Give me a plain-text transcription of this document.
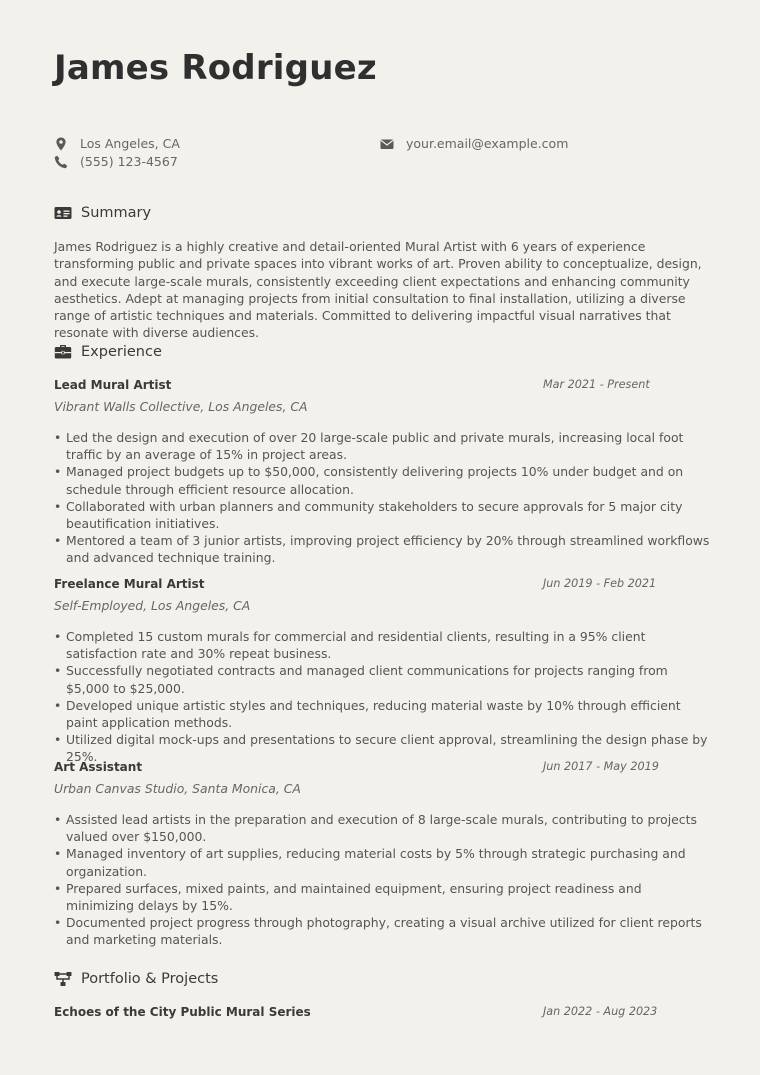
James Rodriguez
Los Angeles, CA
(555) 123-4567
your.email@example.com
Summary

James Rodriguez is a highly creative and detail-oriented Mural Artist with 6 years of experience transforming public and private spaces into vibrant works of art. Proven ability to conceptualize, design, and execute large-scale murals, consistently exceeding client expectations and enhancing community aesthetics. Adept at managing projects from initial consultation to final installation, utilizing a diverse range of artistic techniques and materials. Committed to delivering impactful visual narratives that resonate with diverse audiences.

Experience
Lead Mural Artist	Mar 2021 - Present
Vibrant Walls Collective, Los Angeles, CA
• Led the design and execution of over 20 large-scale public and private murals, increasing local foot traffic by an average of 15% in project areas.
• Managed project budgets up to $50,000, consistently delivering projects 10% under budget and on schedule through efficient resource allocation.
• Collaborated with urban planners and community stakeholders to secure approvals for 5 major city beautification initiatives.
• Mentored a team of 3 junior artists, improving project efficiency by 20% through streamlined workflows and advanced technique training.
Freelance Mural Artist	Jun 2019 - Feb 2021
Self-Employed, Los Angeles, CA
• Completed 15 custom murals for commercial and residential clients, resulting in a 95% client satisfaction rate and 30% repeat business.
• Successfully negotiated contracts and managed client communications for projects ranging from $5,000 to $25,000.
• Developed unique artistic styles and techniques, reducing material waste by 10% through efficient paint application methods.
• Utilized digital mock-ups and presentations to secure client approval, streamlining the design phase by 25%.
Art Assistant	Jun 2017 - May 2019
Urban Canvas Studio, Santa Monica, CA
• Assisted lead artists in the preparation and execution of 8 large-scale murals, contributing to projects valued over $150,000.
• Managed inventory of art supplies, reducing material costs by 5% through strategic purchasing and organization.
• Prepared surfaces, mixed paints, and maintained equipment, ensuring project readiness and minimizing delays by 15%.
• Documented project progress through photography, creating a visual archive utilized for client reports and marketing materials.
Portfolio & Projects
Echoes of the City Public Mural Series	Jan 2022 - Aug 2023
